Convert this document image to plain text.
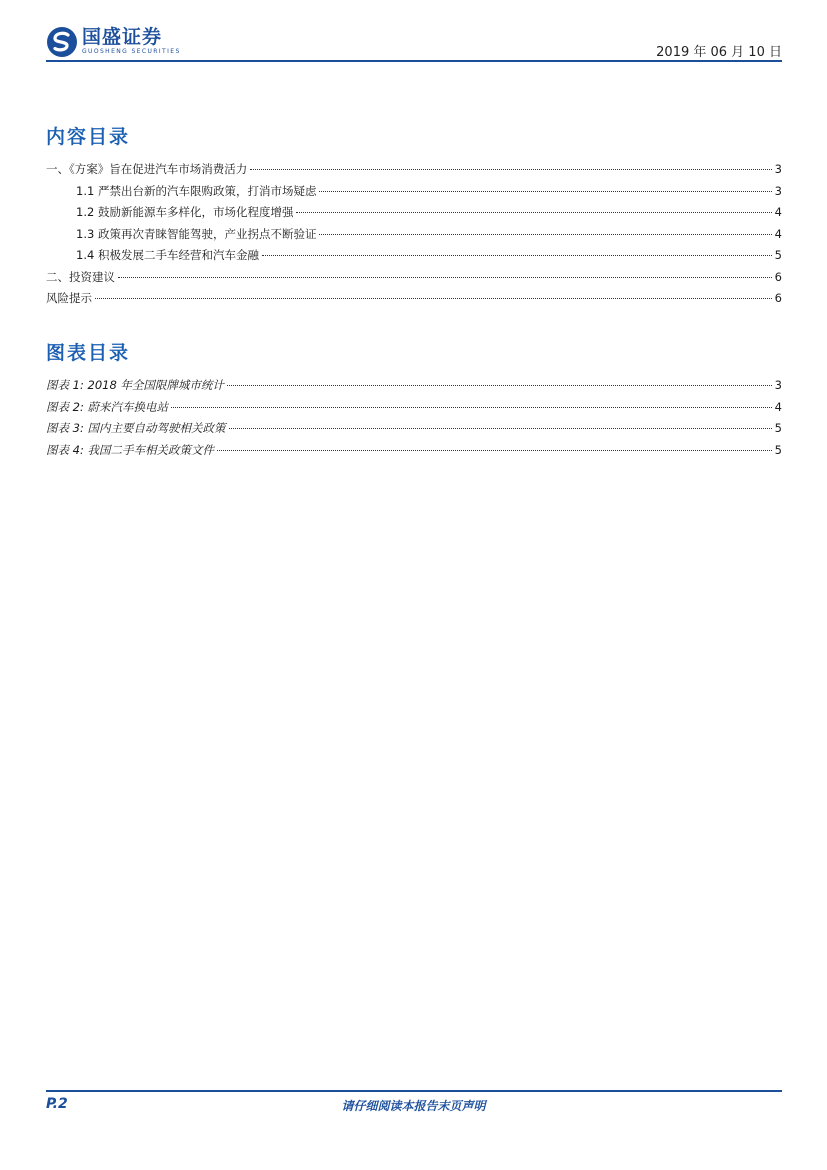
国盛证券
GUOSHENG SECURITIES	2019 年 06 月 10 日
内容目录
一、《方案》旨在促进汽车市场消费活力	3
1.1 严禁出台新的汽车限购政策，打消市场疑虑	3
1.2 鼓励新能源车多样化，市场化程度增强	4
1.3 政策再次青睐智能驾驶，产业拐点不断验证	4
1.4 积极发展二手车经营和汽车金融	5
二、投资建议	6
风险提示	6
图表目录
图表 1: 2018 年全国限牌城市统计	3
图表 2: 蔚来汽车换电站	4
图表 3: 国内主要自动驾驶相关政策	5
图表 4: 我国二手车相关政策文件	5
P.2	请仔细阅读本报告末页声明
